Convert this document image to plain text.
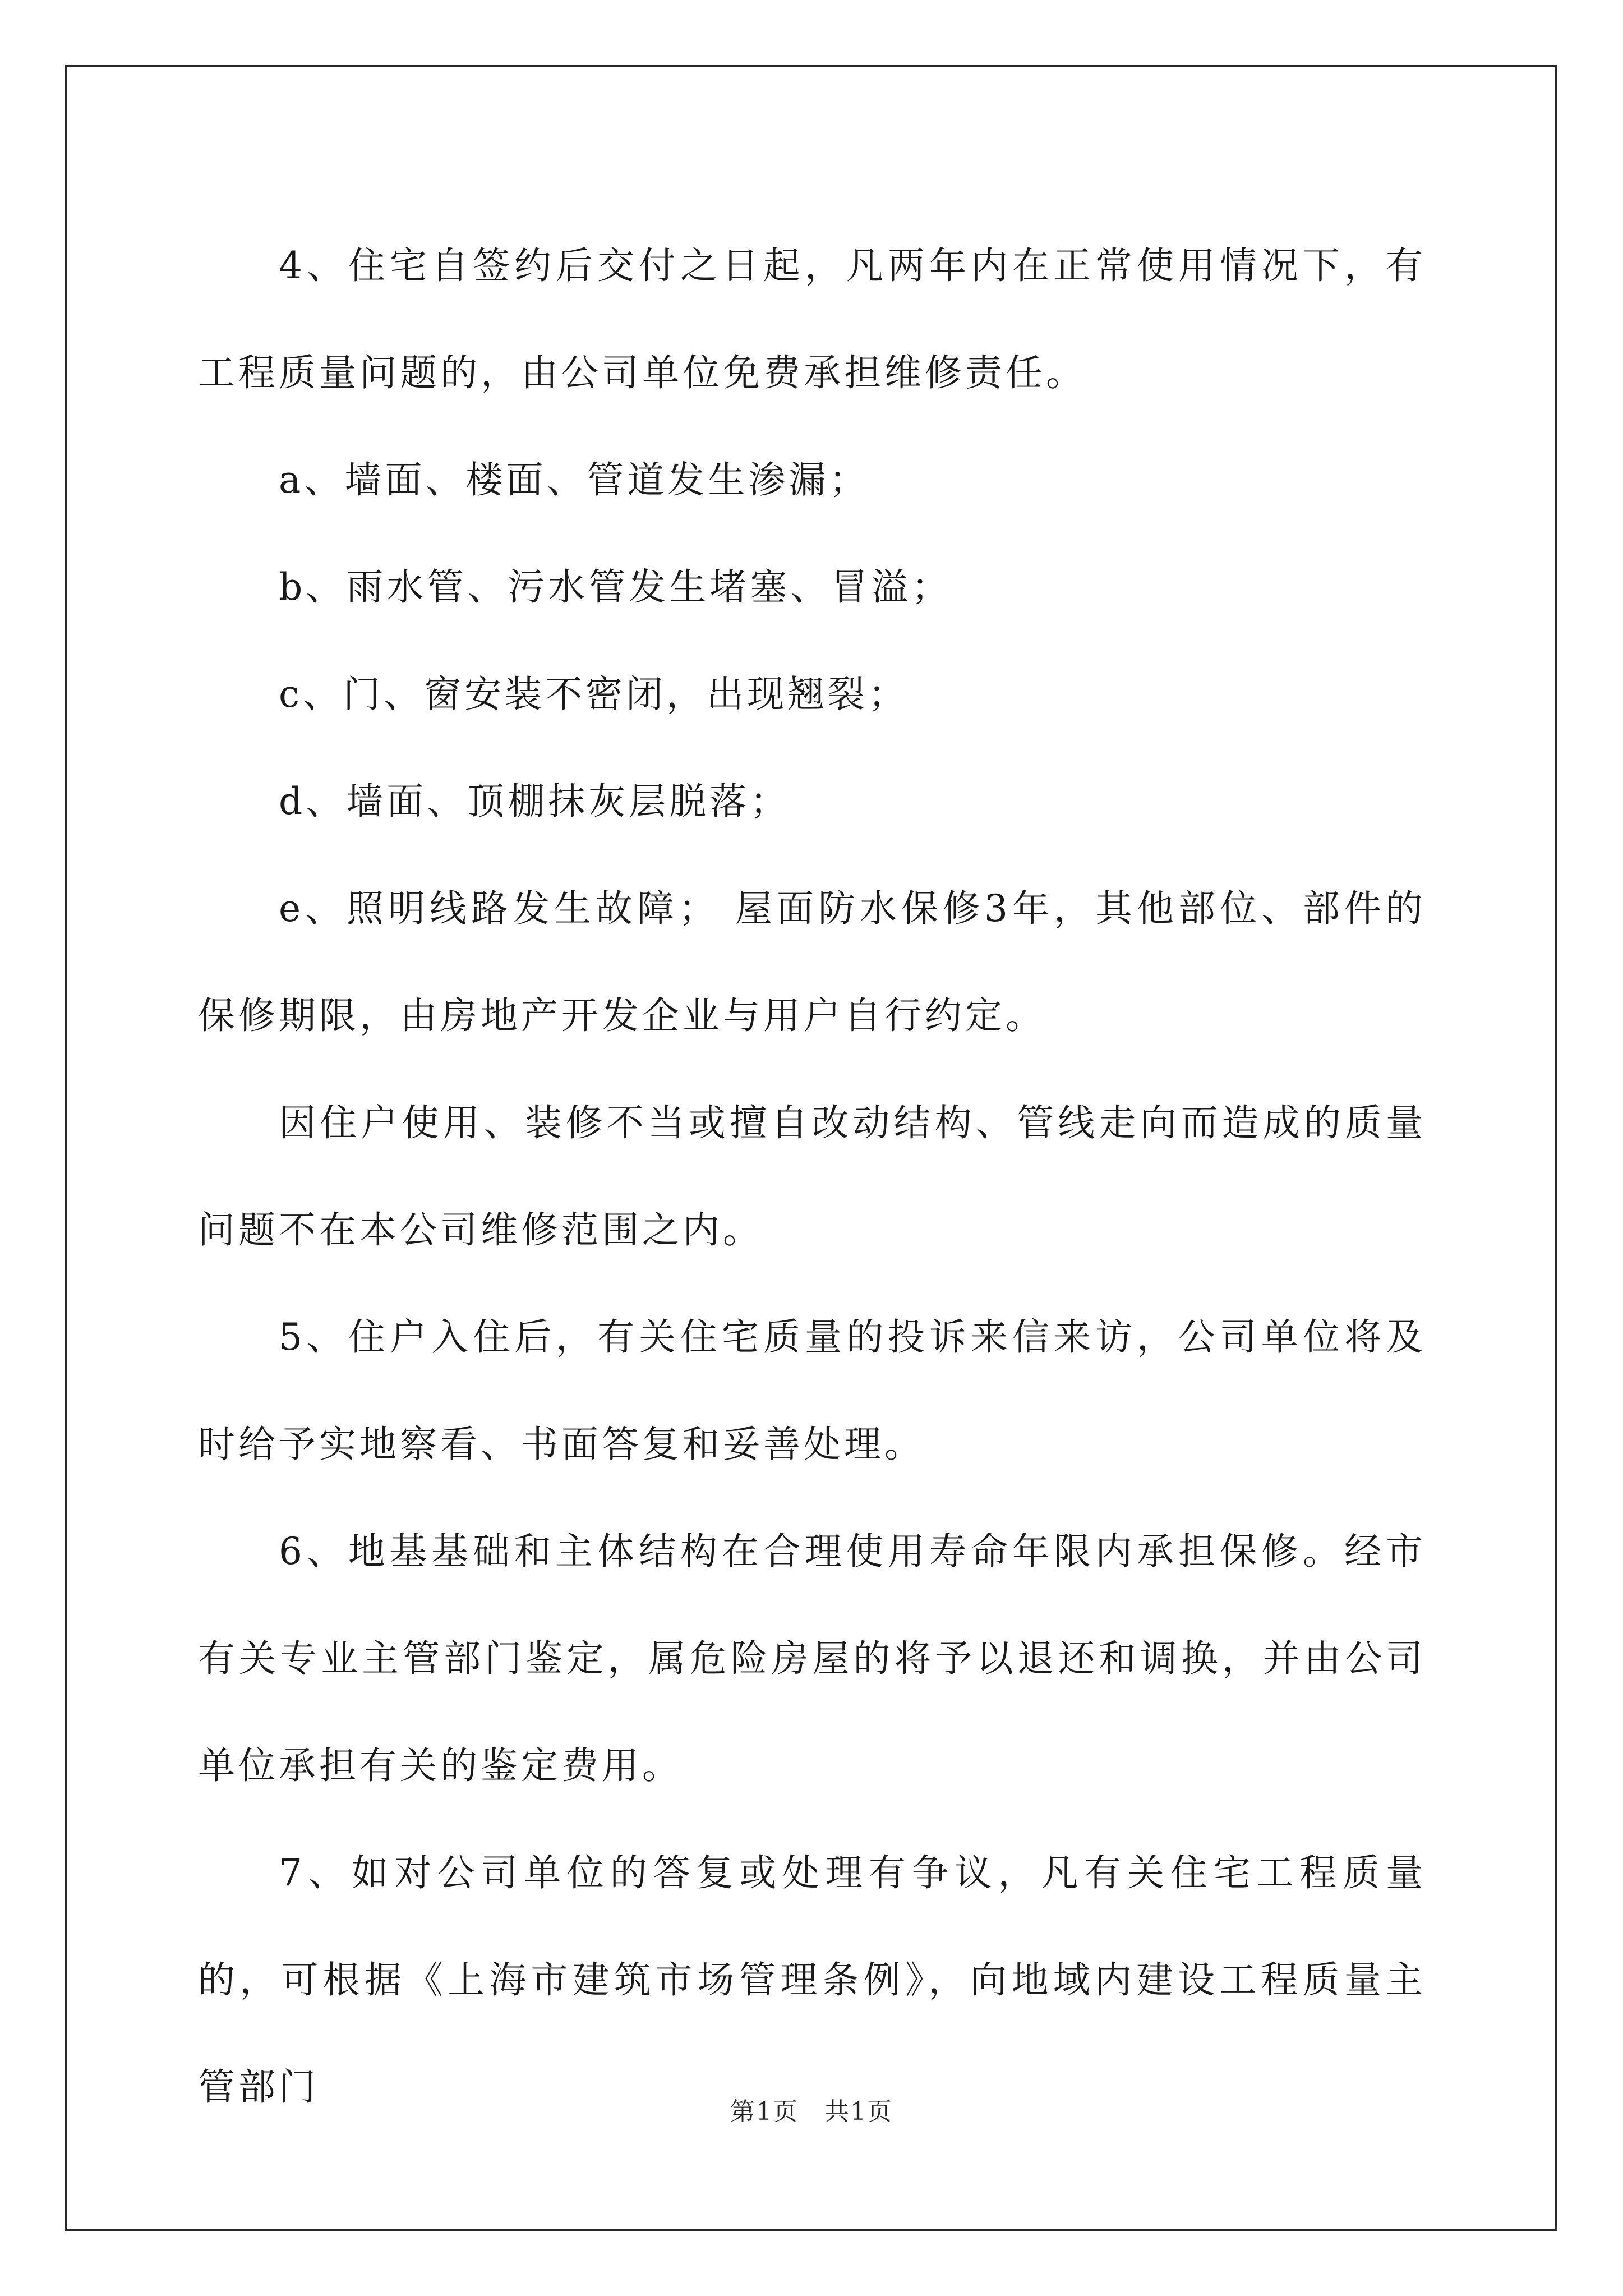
4、住宅自签约后交付之日起，凡两年内在正常使用情况下，有工程质量问题的，由公司单位免费承担维修责任。

a、墙面、楼面、管道发生渗漏；

b、雨水管、污水管发生堵塞、冒溢；

c、门、窗安装不密闭，出现翘裂；

d、墙面、顶棚抹灰层脱落；

e、照明线路发生故障； 屋面防水保修3年，其他部位、部件的保修期限，由房地产开发企业与用户自行约定。

因住户使用、装修不当或擅自改动结构、管线走向而造成的质量问题不在本公司维修范围之内。

5、住户入住后，有关住宅质量的投诉来信来访，公司单位将及时给予实地察看、书面答复和妥善处理。

6、地基基础和主体结构在合理使用寿命年限内承担保修。经市有关专业主管部门鉴定，属危险房屋的将予以退还和调换，并由公司单位承担有关的鉴定费用。

7、如对公司单位的答复或处理有争议，凡有关住宅工程质量的，可根据《上海市建筑市场管理条例》，向地域内建设工程质量主管部门

第1页　共1页
